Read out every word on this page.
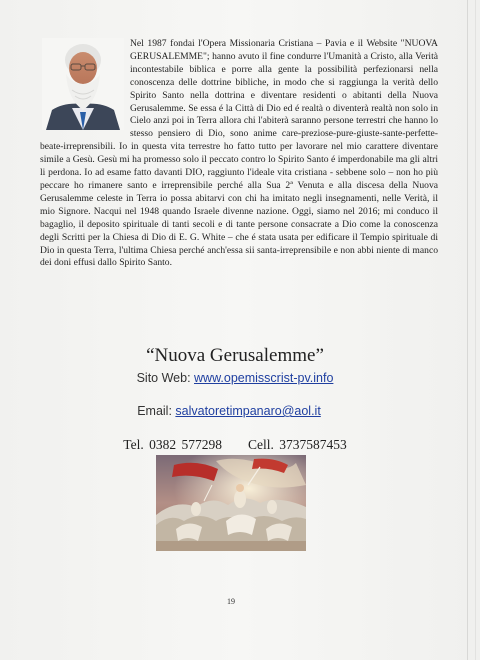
Nel 1987 fondai l'Opera Missionaria Cristiana – Pavia e il Website "NUOVA GERUSALEMME"; hanno avuto il fine condurre l'Umanità a Cristo, alla Verità incontestabile biblica e porre alla gente la possibilità perfezionarsi nella conoscenza delle dottrine bibliche, in modo che si raggiunga la verità dello Spirito Santo nella dottrina e diventare residenti o abitanti della Nuova Gerusalemme. Se essa é la Città di Dio ed é realtà o diventerà realtà non solo in Cielo anzi poi in Terra allora chi l'abiterà saranno persone terrestri che hanno lo stesso pensiero di Dio, sono anime care-preziose-pure-giuste-sante-perfette-beate-irreprensibili. Io in questa vita terrestre ho fatto tutto per lavorare nel mio carattere diventare simile a Gesù. Gesù mi ha promesso solo il peccato contro lo Spirito Santo é imperdonabile ma gli altri li perdona. Io ad esame fatto davanti DIO, raggiunto l'ideale vita cristiana - sebbene solo – non ho più peccare ho rimanere santo e irreprensibile perché alla Sua 2ª Venuta e alla discesa della Nuova Gerusalemme celeste in Terra io possa abitarvi con chi ha imitato negli insegnamenti, nelle Verità, il mio Signore. Nacqui nel 1948 quando Israele divenne nazione. Oggi, siamo nel 2016; mi conduco il bagaglio, il deposito spirituale di tanti secoli e di tante persone consacrate a Dio come la conoscenza degli Scritti per la Chiesa di Dio di E. G. White – che é stata usata per edificare il Tempio spirituale di Dio in questa Terra, l'ultima Chiesa perché anch'essa sii santa-irreprensibile e non abbi niente di manco dei doni effusi dallo Spirito Santo.

“Nuova Gerusalemme”
Sito Web: www.opemisscrist-pv.info
Email: salvatoretimpanaro@aol.it
Tel. 0382 577298 Cell. 3737587453
19
